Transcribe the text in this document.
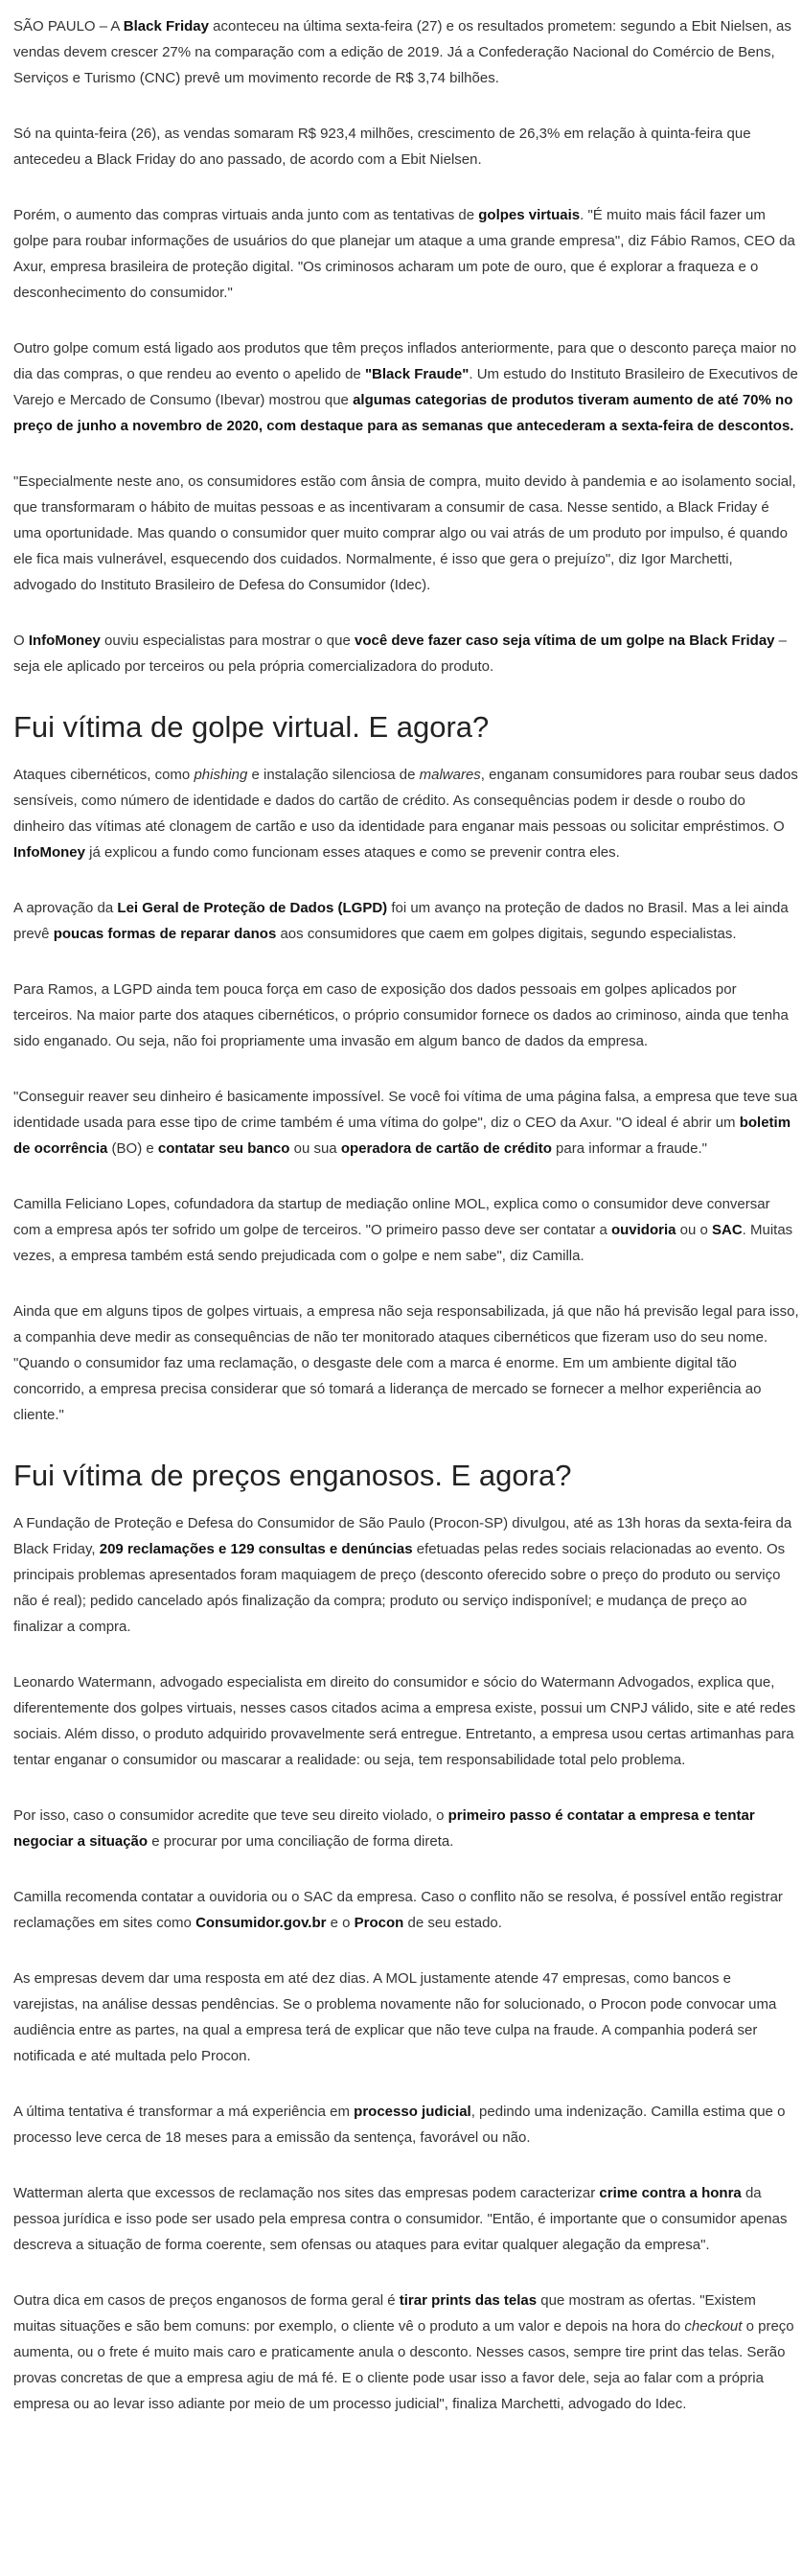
SÃO PAULO – A Black Friday aconteceu na última sexta-feira (27) e os resultados prometem: segundo a Ebit Nielsen, as vendas devem crescer 27% na comparação com a edição de 2019. Já a Confederação Nacional do Comércio de Bens, Serviços e Turismo (CNC) prevê um movimento recorde de R$ 3,74 bilhões.

Só na quinta-feira (26), as vendas somaram R$ 923,4 milhões, crescimento de 26,3% em relação à quinta-feira que antecedeu a Black Friday do ano passado, de acordo com a Ebit Nielsen.

Porém, o aumento das compras virtuais anda junto com as tentativas de golpes virtuais. "É muito mais fácil fazer um golpe para roubar informações de usuários do que planejar um ataque a uma grande empresa", diz Fábio Ramos, CEO da Axur, empresa brasileira de proteção digital. "Os criminosos acharam um pote de ouro, que é explorar a fraqueza e o desconhecimento do consumidor."

Outro golpe comum está ligado aos produtos que têm preços inflados anteriormente, para que o desconto pareça maior no dia das compras, o que rendeu ao evento o apelido de "Black Fraude". Um estudo do Instituto Brasileiro de Executivos de Varejo e Mercado de Consumo (Ibevar) mostrou que algumas categorias de produtos tiveram aumento de até 70% no preço de junho a novembro de 2020, com destaque para as semanas que antecederam a sexta-feira de descontos.

"Especialmente neste ano, os consumidores estão com ânsia de compra, muito devido à pandemia e ao isolamento social, que transformaram o hábito de muitas pessoas e as incentivaram a consumir de casa. Nesse sentido, a Black Friday é uma oportunidade. Mas quando o consumidor quer muito comprar algo ou vai atrás de um produto por impulso, é quando ele fica mais vulnerável, esquecendo dos cuidados. Normalmente, é isso que gera o prejuízo", diz Igor Marchetti, advogado do Instituto Brasileiro de Defesa do Consumidor (Idec).

O InfoMoney ouviu especialistas para mostrar o que você deve fazer caso seja vítima de um golpe na Black Friday – seja ele aplicado por terceiros ou pela própria comercializadora do produto.

Fui vítima de golpe virtual. E agora?

Ataques cibernéticos, como phishing e instalação silenciosa de malwares, enganam consumidores para roubar seus dados sensíveis, como número de identidade e dados do cartão de crédito. As consequências podem ir desde o roubo do dinheiro das vítimas até clonagem de cartão e uso da identidade para enganar mais pessoas ou solicitar empréstimos. O InfoMoney já explicou a fundo como funcionam esses ataques e como se prevenir contra eles.

A aprovação da Lei Geral de Proteção de Dados (LGPD) foi um avanço na proteção de dados no Brasil. Mas a lei ainda prevê poucas formas de reparar danos aos consumidores que caem em golpes digitais, segundo especialistas.

Para Ramos, a LGPD ainda tem pouca força em caso de exposição dos dados pessoais em golpes aplicados por terceiros. Na maior parte dos ataques cibernéticos, o próprio consumidor fornece os dados ao criminoso, ainda que tenha sido enganado. Ou seja, não foi propriamente uma invasão em algum banco de dados da empresa.

"Conseguir reaver seu dinheiro é basicamente impossível. Se você foi vítima de uma página falsa, a empresa que teve sua identidade usada para esse tipo de crime também é uma vítima do golpe", diz o CEO da Axur. "O ideal é abrir um boletim de ocorrência (BO) e contatar seu banco ou sua operadora de cartão de crédito para informar a fraude."

Camilla Feliciano Lopes, cofundadora da startup de mediação online MOL, explica como o consumidor deve conversar com a empresa após ter sofrido um golpe de terceiros. "O primeiro passo deve ser contatar a ouvidoria ou o SAC. Muitas vezes, a empresa também está sendo prejudicada com o golpe e nem sabe", diz Camilla.

Ainda que em alguns tipos de golpes virtuais, a empresa não seja responsabilizada, já que não há previsão legal para isso, a companhia deve medir as consequências de não ter monitorado ataques cibernéticos que fizeram uso do seu nome. "Quando o consumidor faz uma reclamação, o desgaste dele com a marca é enorme. Em um ambiente digital tão concorrido, a empresa precisa considerar que só tomará a liderança de mercado se fornecer a melhor experiência ao cliente."

Fui vítima de preços enganosos. E agora?

A Fundação de Proteção e Defesa do Consumidor de São Paulo (Procon-SP) divulgou, até as 13h horas da sexta-feira da Black Friday, 209 reclamações e 129 consultas e denúncias efetuadas pelas redes sociais relacionadas ao evento. Os principais problemas apresentados foram maquiagem de preço (desconto oferecido sobre o preço do produto ou serviço não é real); pedido cancelado após finalização da compra; produto ou serviço indisponível; e mudança de preço ao finalizar a compra.

Leonardo Watermann, advogado especialista em direito do consumidor e sócio do Watermann Advogados, explica que, diferentemente dos golpes virtuais, nesses casos citados acima a empresa existe, possui um CNPJ válido, site e até redes sociais. Além disso, o produto adquirido provavelmente será entregue. Entretanto, a empresa usou certas artimanhas para tentar enganar o consumidor ou mascarar a realidade: ou seja, tem responsabilidade total pelo problema.

Por isso, caso o consumidor acredite que teve seu direito violado, o primeiro passo é contatar a empresa e tentar negociar a situação e procurar por uma conciliação de forma direta.

Camilla recomenda contatar a ouvidoria ou o SAC da empresa. Caso o conflito não se resolva, é possível então registrar reclamações em sites como Consumidor.gov.br e o Procon de seu estado.

As empresas devem dar uma resposta em até dez dias. A MOL justamente atende 47 empresas, como bancos e varejistas, na análise dessas pendências. Se o problema novamente não for solucionado, o Procon pode convocar uma audiência entre as partes, na qual a empresa terá de explicar que não teve culpa na fraude. A companhia poderá ser notificada e até multada pelo Procon.

A última tentativa é transformar a má experiência em processo judicial, pedindo uma indenização. Camilla estima que o processo leve cerca de 18 meses para a emissão da sentença, favorável ou não.

Watterman alerta que excessos de reclamação nos sites das empresas podem caracterizar crime contra a honra da pessoa jurídica e isso pode ser usado pela empresa contra o consumidor. "Então, é importante que o consumidor apenas descreva a situação de forma coerente, sem ofensas ou ataques para evitar qualquer alegação da empresa".

Outra dica em casos de preços enganosos de forma geral é tirar prints das telas que mostram as ofertas. "Existem muitas situações e são bem comuns: por exemplo, o cliente vê o produto a um valor e depois na hora do checkout o preço aumenta, ou o frete é muito mais caro e praticamente anula o desconto. Nesses casos, sempre tire print das telas. Serão provas concretas de que a empresa agiu de má fé. E o cliente pode usar isso a favor dele, seja ao falar com a própria empresa ou ao levar isso adiante por meio de um processo judicial", finaliza Marchetti, advogado do Idec.
